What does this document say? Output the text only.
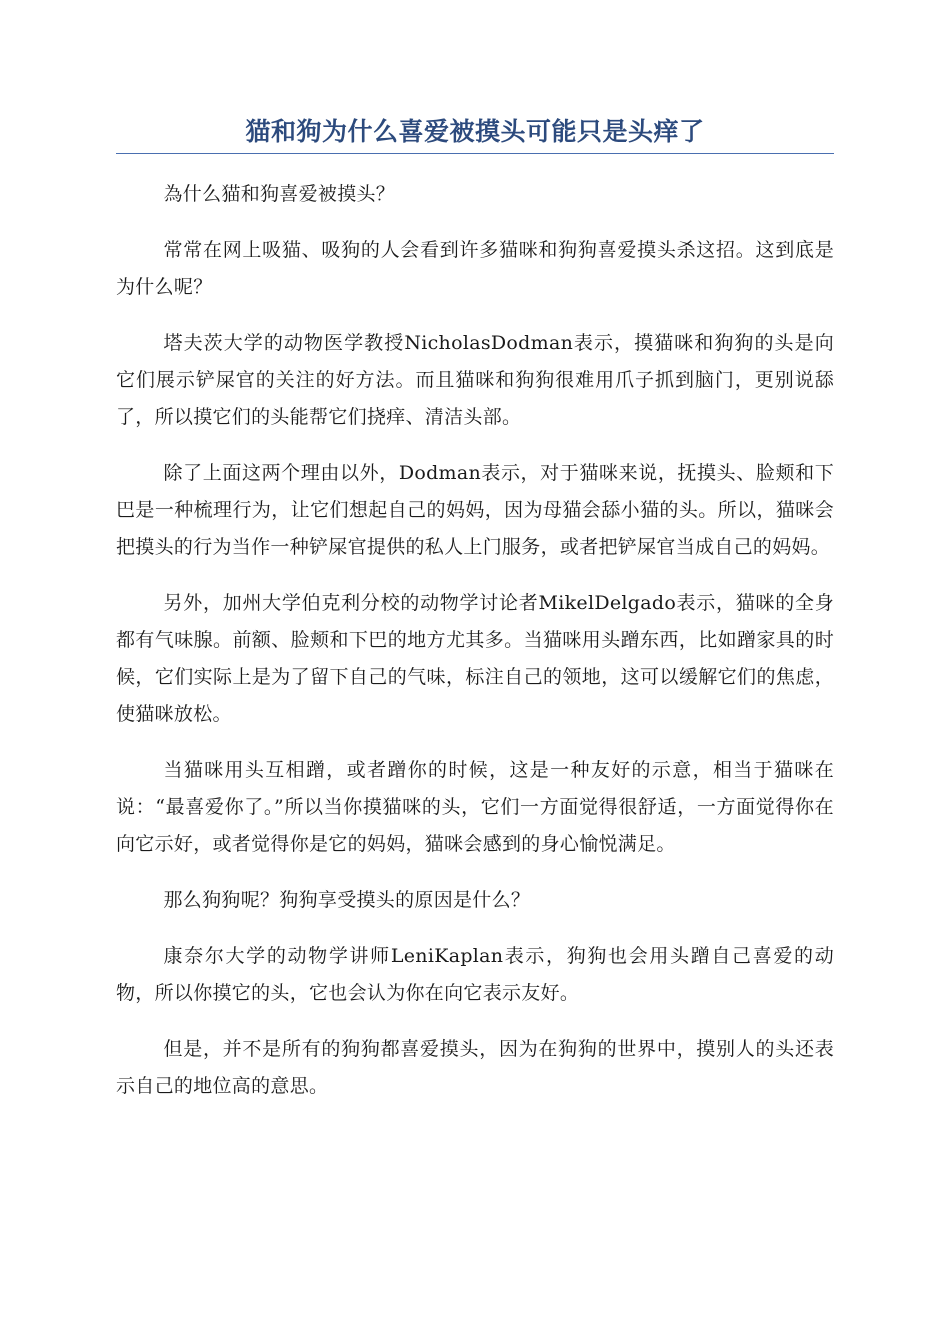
猫和狗为什么喜爱被摸头可能只是头痒了

為什么猫和狗喜爱被摸头？

常常在网上吸猫、吸狗的人会看到许多猫咪和狗狗喜爱摸头杀这招。这到底是为什么呢？

塔夫茨大学的动物医学教授NicholasDodman表示，摸猫咪和狗狗的头是向它们展示铲屎官的关注的好方法。而且猫咪和狗狗很难用爪子抓到脑门，更别说舔了，所以摸它们的头能帮它们挠痒、清洁头部。

除了上面这两个理由以外，Dodman表示，对于猫咪来说，抚摸头、脸颊和下巴是一种梳理行为，让它们想起自己的妈妈，因为母猫会舔小猫的头。所以，猫咪会把摸头的行为当作一种铲屎官提供的私人上门服务，或者把铲屎官当成自己的妈妈。

另外，加州大学伯克利分校的动物学讨论者MikelDelgado表示，猫咪的全身都有气味腺。前额、脸颊和下巴的地方尤其多。当猫咪用头蹭东西，比如蹭家具的时候，它们实际上是为了留下自己的气味，标注自己的领地，这可以缓解它们的焦虑，使猫咪放松。

当猫咪用头互相蹭，或者蹭你的时候，这是一种友好的示意，相当于猫咪在说：“最喜爱你了。”所以当你摸猫咪的头，它们一方面觉得很舒适，一方面觉得你在向它示好，或者觉得你是它的妈妈，猫咪会感到的身心愉悦满足。

那么狗狗呢？狗狗享受摸头的原因是什么？

康奈尔大学的动物学讲师LeniKaplan表示，狗狗也会用头蹭自己喜爱的动物，所以你摸它的头，它也会认为你在向它表示友好。

但是，并不是所有的狗狗都喜爱摸头，因为在狗狗的世界中，摸别人的头还表示自己的地位高的意思。
